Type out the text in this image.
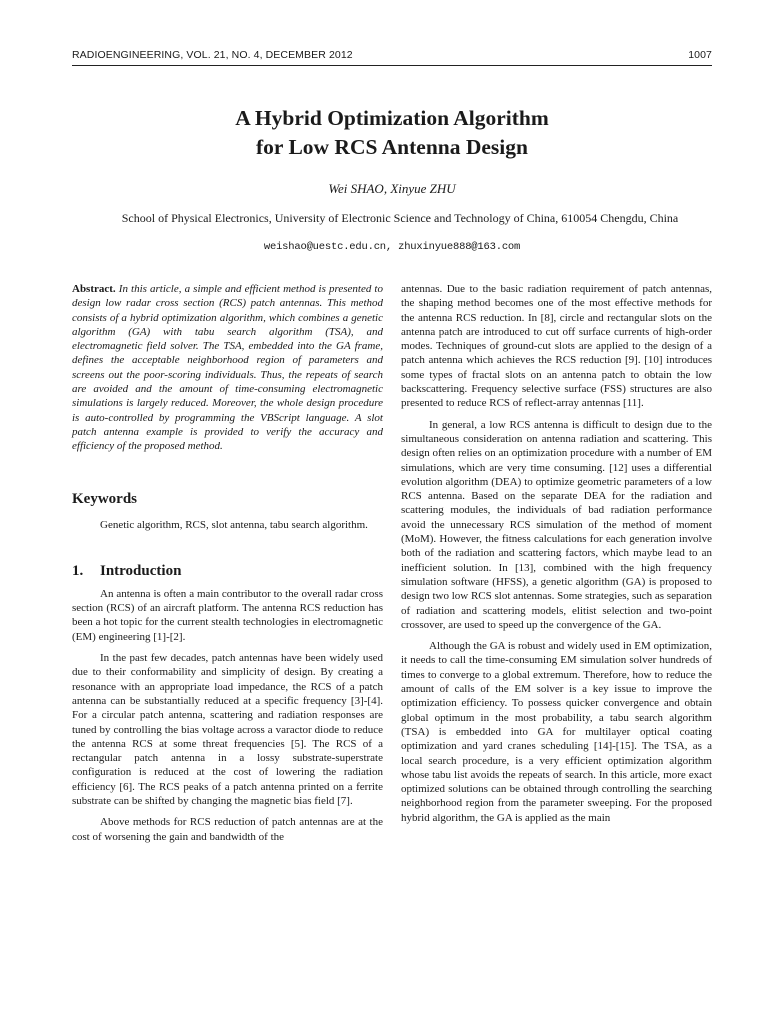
RADIOENGINEERING, VOL. 21, NO. 4, DECEMBER 2012	1007
A Hybrid Optimization Algorithm
for Low RCS Antenna Design
Wei SHAO, Xinyue ZHU
School of Physical Electronics, University of Electronic Science and Technology of China, 610054 Chengdu, China
weishao@uestc.edu.cn, zhuxinyue888@163.com

Abstract. In this article, a simple and efficient method is presented to design low radar cross section (RCS) patch antennas. This method consists of a hybrid optimization algorithm, which combines a genetic algorithm (GA) with tabu search algorithm (TSA), and electromagnetic field solver. The TSA, embedded into the GA frame, defines the acceptable neighborhood region of parameters and screens out the poor-scoring individuals. Thus, the repeats of search are avoided and the amount of time-consuming electromagnetic simulations is largely reduced. Moreover, the whole design procedure is auto-controlled by programming the VBScript language. A slot patch antenna example is provided to verify the accuracy and efficiency of the proposed method.

Keywords

Genetic algorithm, RCS, slot antenna, tabu search algorithm.

1. Introduction

An antenna is often a main contributor to the overall radar cross section (RCS) of an aircraft platform. The antenna RCS reduction has been a hot topic for the current stealth technologies in electromagnetic (EM) engineering [1]-[2].

In the past few decades, patch antennas have been widely used due to their conformability and simplicity of design. By creating a resonance with an appropriate load impedance, the RCS of a patch antenna can be substantially reduced at a specific frequency [3]-[4]. For a circular patch antenna, scattering and radiation responses are tuned by controlling the bias voltage across a varactor diode to reduce the antenna RCS at some threat frequencies [5]. The RCS of a rectangular patch antenna in a lossy substrate-superstrate configuration is reduced at the cost of lowering the radiation efficiency [6]. The RCS peaks of a patch antenna printed on a ferrite substrate can be shifted by changing the magnetic bias field [7].

Above methods for RCS reduction of patch antennas are at the cost of worsening the gain and bandwidth of the

antennas. Due to the basic radiation requirement of patch antennas, the shaping method becomes one of the most effective methods for the antenna RCS reduction. In [8], circle and rectangular slots on the antenna patch are introduced to cut off surface currents of high-order modes. Techniques of ground-cut slots are applied to the design of a patch antenna which achieves the RCS reduction [9]. [10] introduces some types of fractal slots on an antenna patch to obtain the low backscattering. Frequency selective surface (FSS) structures are also presented to reduce RCS of reflect-array antennas [11].

In general, a low RCS antenna is difficult to design due to the simultaneous consideration on antenna radiation and scattering. This design often relies on an optimization procedure with a number of EM simulations, which are very time consuming. [12] uses a differential evolution algorithm (DEA) to optimize geometric parameters of a low RCS antenna. Based on the separate DEA for the radiation and scattering modules, the individuals of bad radiation performance avoid the unnecessary RCS simulation of the method of moment (MoM). However, the fitness calculations for each generation involve both of the radiation and scattering factors, which maybe lead to an inefficient solution. In [13], combined with the high frequency simulation software (HFSS), a genetic algorithm (GA) is proposed to design two low RCS slot antennas. Some strategies, such as separation of radiation and scattering models, elitist selection and two-point crossover, are used to speed up the convergence of the GA.

Although the GA is robust and widely used in EM optimization, it needs to call the time-consuming EM simulation solver hundreds of times to converge to a global extremum. Therefore, how to reduce the amount of calls of the EM solver is a key issue to improve the optimization efficiency. To possess quicker convergence and obtain global optimum in the most probability, a tabu search algorithm (TSA) is embedded into GA for multilayer optical coating optimization and yard cranes scheduling [14]-[15]. The TSA, as a local search procedure, is a very efficient optimization algorithm whose tabu list avoids the repeats of search. In this article, more exact optimized solutions can be obtained through controlling the searching neighborhood region from the parameter sweeping. For the proposed hybrid algorithm, the GA is applied as the main
